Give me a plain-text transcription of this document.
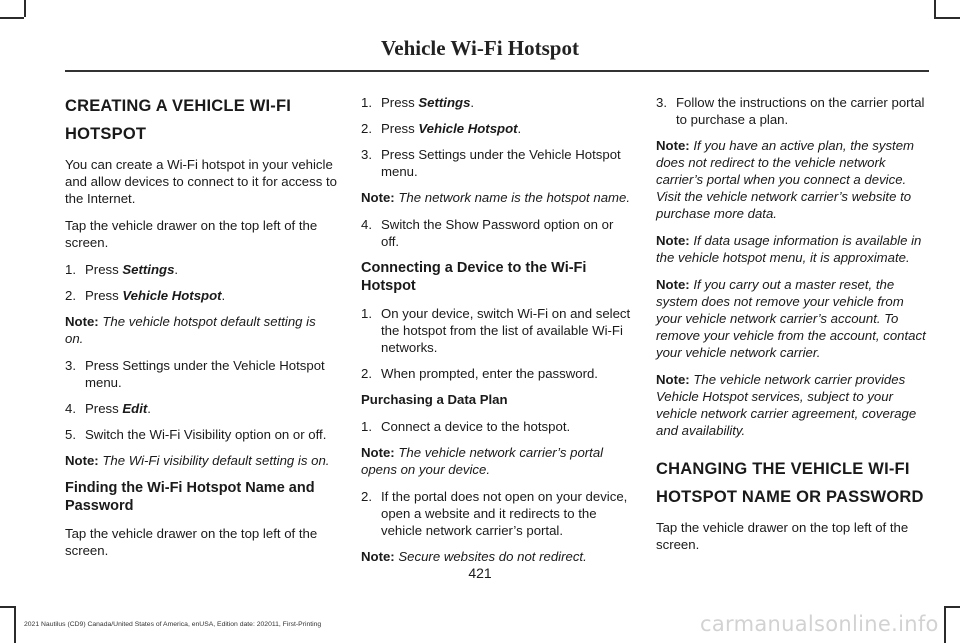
Vehicle Wi-Fi Hotspot
CREATING A VEHICLE WI-FI
HOTSPOT

You can create a Wi-Fi hotspot in your vehicle and allow devices to connect to it for access to the Internet.

Tap the vehicle drawer on the top left of the screen.

1. Press Settings.
2. Press Vehicle Hotspot.

Note: The vehicle hotspot default setting is on.

3. Press Settings under the Vehicle Hotspot menu.
4. Press Edit.
5. Switch the Wi-Fi Visibility option on or off.

Note: The Wi-Fi visibility default setting is on.

Finding the Wi-Fi Hotspot Name and Password

Tap the vehicle drawer on the top left of the screen.

1. Press Settings.
2. Press Vehicle Hotspot.
3. Press Settings under the Vehicle Hotspot menu.

Note: The network name is the hotspot name.

4. Switch the Show Password option on or off.
Connecting a Device to the Wi-Fi Hotspot
1. On your device, switch Wi-Fi on and select the hotspot from the list of available Wi-Fi networks.
2. When prompted, enter the password.
Purchasing a Data Plan
1. Connect a device to the hotspot.

Note: The vehicle network carrier’s portal opens on your device.

2. If the portal does not open on your device, open a website and it redirects to the vehicle network carrier’s portal.

Note: Secure websites do not redirect.

3. Follow the instructions on the carrier portal to purchase a plan.

Note: If you have an active plan, the system does not redirect to the vehicle network carrier’s portal when you connect a device. Visit the vehicle network carrier’s website to purchase more data.

Note: If data usage information is available in the vehicle hotspot menu, it is approximate.

Note: If you carry out a master reset, the system does not remove your vehicle from your vehicle network carrier’s account. To remove your vehicle from the account, contact your vehicle network carrier.

Note: The vehicle network carrier provides Vehicle Hotspot services, subject to your vehicle network carrier agreement, coverage and availability.

CHANGING THE VEHICLE WI-FI
HOTSPOT NAME OR PASSWORD

Tap the vehicle drawer on the top left of the screen.

421
2021 Nautilus (CD9) Canada/United States of America, enUSA, Edition date: 202011, First-Printing	carmanualsonline.info
